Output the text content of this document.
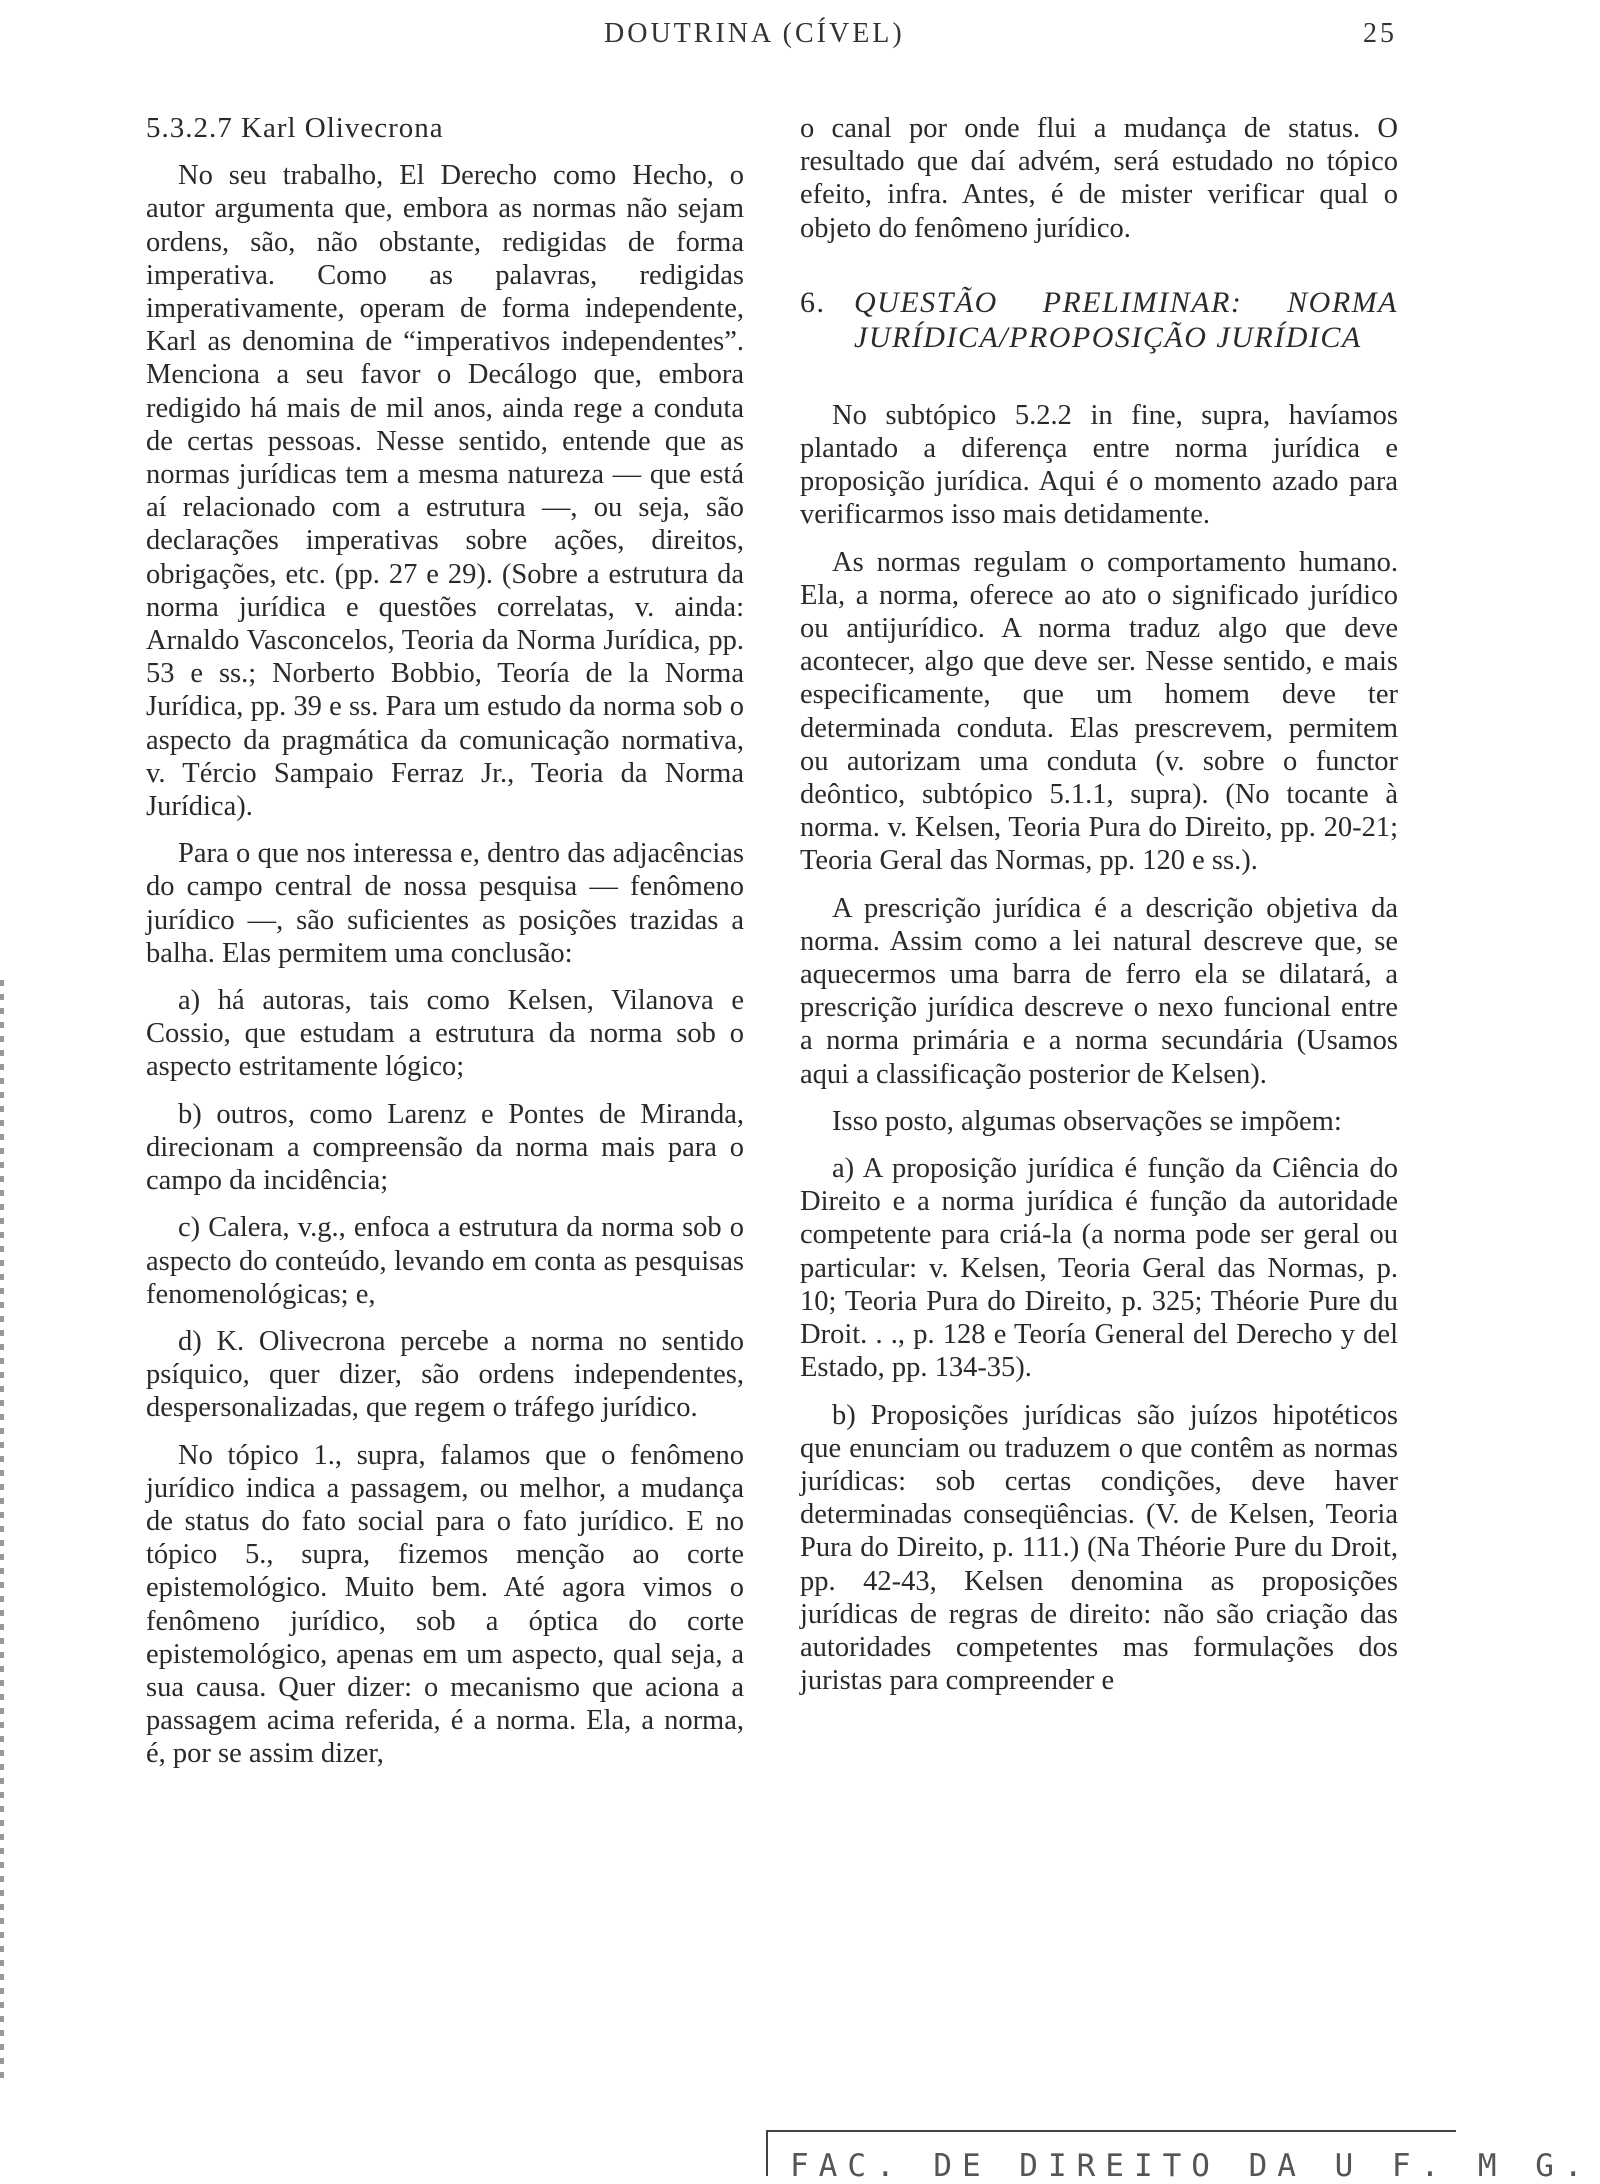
DOUTRINA (CÍVEL)	25
5.3.2.7 Karl Olivecrona

No seu trabalho, El Derecho como Hecho, o autor argumenta que, embora as normas não sejam ordens, são, não obstante, redigidas de forma imperativa. Como as palavras, redigidas imperativamente, operam de forma independente, Karl as denomina de “imperativos independentes”. Menciona a seu favor o Decálogo que, embora redigido há mais de mil anos, ainda rege a conduta de certas pessoas. Nesse sentido, entende que as normas jurídicas tem a mesma natureza — que está aí relacionado com a estrutura —, ou seja, são declarações imperativas sobre ações, direitos, obrigações, etc. (pp. 27 e 29). (Sobre a estrutura da norma jurídica e questões correlatas, v. ainda: Arnaldo Vasconcelos, Teoria da Norma Jurídica, pp. 53 e ss.; Norberto Bobbio, Teoría de la Norma Jurídica, pp. 39 e ss. Para um estudo da norma sob o aspecto da pragmática da comunicação normativa, v. Tércio Sampaio Ferraz Jr., Teoria da Norma Jurídica).

Para o que nos interessa e, dentro das adjacências do campo central de nossa pesquisa — fenômeno jurídico —, são suficientes as posições trazidas a balha. Elas permitem uma conclusão:

a) há autoras, tais como Kelsen, Vilanova e Cossio, que estudam a estrutura da norma sob o aspecto estritamente lógico;

b) outros, como Larenz e Pontes de Miranda, direcionam a compreensão da norma mais para o campo da incidência;

c) Calera, v.g., enfoca a estrutura da norma sob o aspecto do conteúdo, levando em conta as pesquisas fenomenológicas; e,

d) K. Olivecrona percebe a norma no sentido psíquico, quer dizer, são ordens independentes, despersonalizadas, que regem o tráfego jurídico.

No tópico 1., supra, falamos que o fenômeno jurídico indica a passagem, ou melhor, a mudança de status do fato social para o fato jurídico. E no tópico 5., supra, fizemos menção ao corte epistemológico. Muito bem. Até agora vimos o fenômeno jurídico, sob a óptica do corte epistemológico, apenas em um aspecto, qual seja, a sua causa. Quer dizer: o mecanismo que aciona a passagem acima referida, é a norma. Ela, a norma, é, por se assim dizer,

o canal por onde flui a mudança de status. O resultado que daí advém, será estudado no tópico efeito, infra. Antes, é de mister verificar qual o objeto do fenômeno jurídico.

6. QUESTÃO PRELIMINAR: NORMA JURÍDICA/PROPOSIÇÃO JURÍDICA

No subtópico 5.2.2 in fine, supra, havíamos plantado a diferença entre norma jurídica e proposição jurídica. Aqui é o momento azado para verificarmos isso mais detidamente.

As normas regulam o comportamento humano. Ela, a norma, oferece ao ato o significado jurídico ou antijurídico. A norma traduz algo que deve acontecer, algo que deve ser. Nesse sentido, e mais especificamente, que um homem deve ter determinada conduta. Elas prescrevem, permitem ou autorizam uma conduta (v. sobre o functor deôntico, subtópico 5.1.1, supra). (No tocante à norma. v. Kelsen, Teoria Pura do Direito, pp. 20-21; Teoria Geral das Normas, pp. 120 e ss.).

A prescrição jurídica é a descrição objetiva da norma. Assim como a lei natural descreve que, se aquecermos uma barra de ferro ela se dilatará, a prescrição jurídica descreve o nexo funcional entre a norma primária e a norma secundária (Usamos aqui a classificação posterior de Kelsen).

Isso posto, algumas observações se impõem:

a) A proposição jurídica é função da Ciência do Direito e a norma jurídica é função da autoridade competente para criá-la (a norma pode ser geral ou particular: v. Kelsen, Teoria Geral das Normas, p. 10; Teoria Pura do Direito, p. 325; Théorie Pure du Droit. . ., p. 128 e Teoría General del Derecho y del Estado, pp. 134-35).

b) Proposições jurídicas são juízos hipotéticos que enunciam ou traduzem o que contêm as normas jurídicas: sob certas condições, deve haver determinadas conseqüências. (V. de Kelsen, Teoria Pura do Direito, p. 111.) (Na Théorie Pure du Droit, pp. 42-43, Kelsen denomina as proposições jurídicas de regras de direito: não são criação das autoridades competentes mas formulações dos juristas para compreender e

FAC. DE DIREITO DA U F. M G.
